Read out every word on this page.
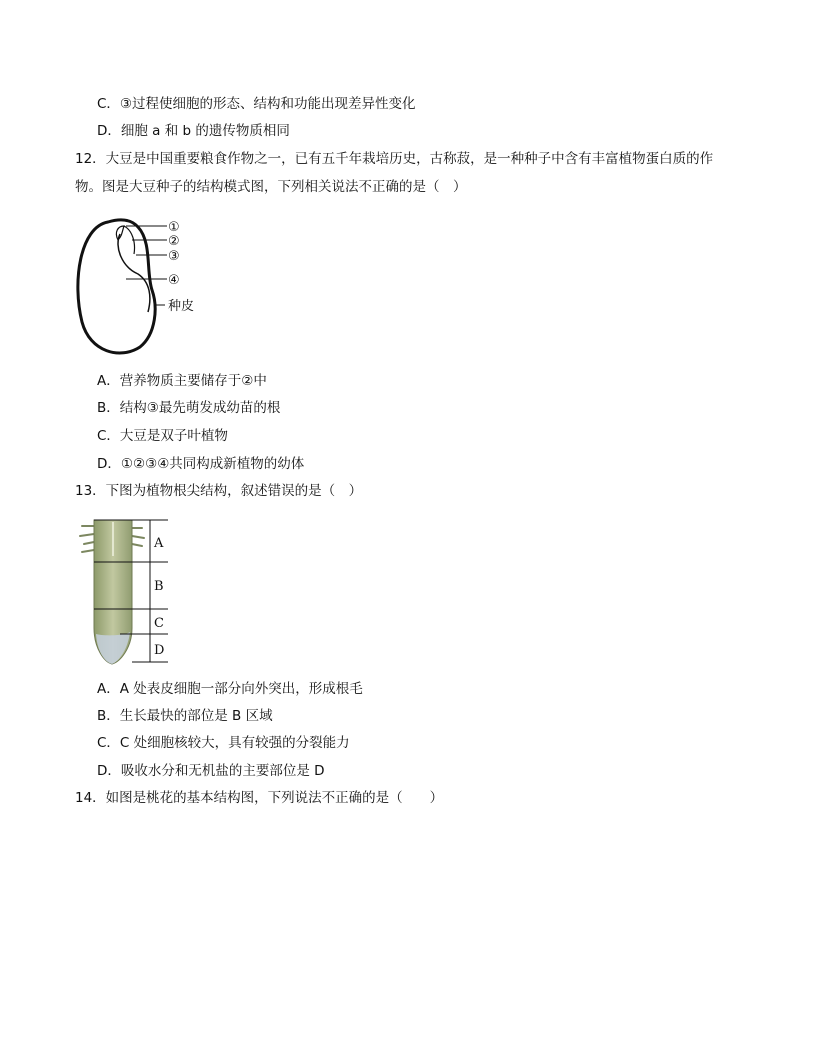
C．③过程使细胞的形态、结构和功能出现差异性变化
D．细胞 a 和 b 的遗传物质相同
12．大豆是中国重要粮食作物之一，已有五千年栽培历史，古称菽，是一种种子中含有丰富植物蛋白质的作
物。图是大豆种子的结构模式图，下列相关说法不正确的是（　）
①
②
③
④
种皮
A．营养物质主要储存于②中
B．结构③最先萌发成幼苗的根
C．大豆是双子叶植物
D．①②③④共同构成新植物的幼体
13．下图为植物根尖结构，叙述错误的是（　）
A
B
C
D
A．A 处表皮细胞一部分向外突出，形成根毛
B．生长最快的部位是 B 区域
C．C 处细胞核较大，具有较强的分裂能力
D．吸收水分和无机盐的主要部位是 D
14．如图是桃花的基本结构图，下列说法不正确的是（　　）
